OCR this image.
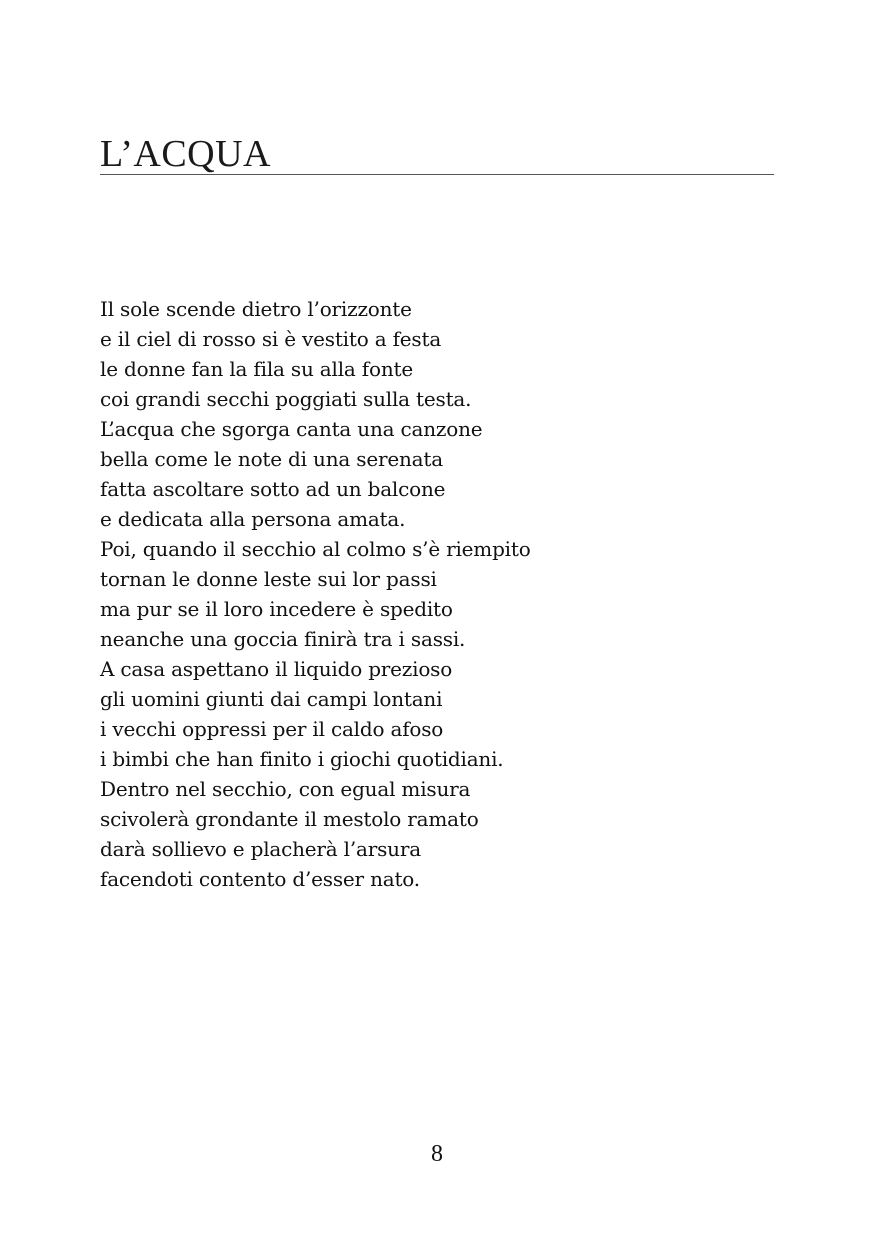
L’ACQUA
Il sole scende dietro l’orizzonte
e il ciel di rosso si è vestito a festa
le donne fan la fila su alla fonte
coi grandi secchi poggiati sulla testa.
L’acqua che sgorga canta una canzone
bella come le note di una serenata
fatta ascoltare sotto ad un balcone
e dedicata alla persona amata.
Poi, quando il secchio al colmo s’è riempito
tornan le donne leste sui lor passi
ma pur se il loro incedere è spedito
neanche una goccia finirà tra i sassi.
A casa aspettano il liquido prezioso
gli uomini giunti dai campi lontani
i vecchi oppressi per il caldo afoso
i bimbi che han finito i giochi quotidiani.
Dentro nel secchio, con egual misura
scivolerà grondante il mestolo ramato
darà sollievo e placherà l’arsura
facendoti contento d’esser nato.
8
